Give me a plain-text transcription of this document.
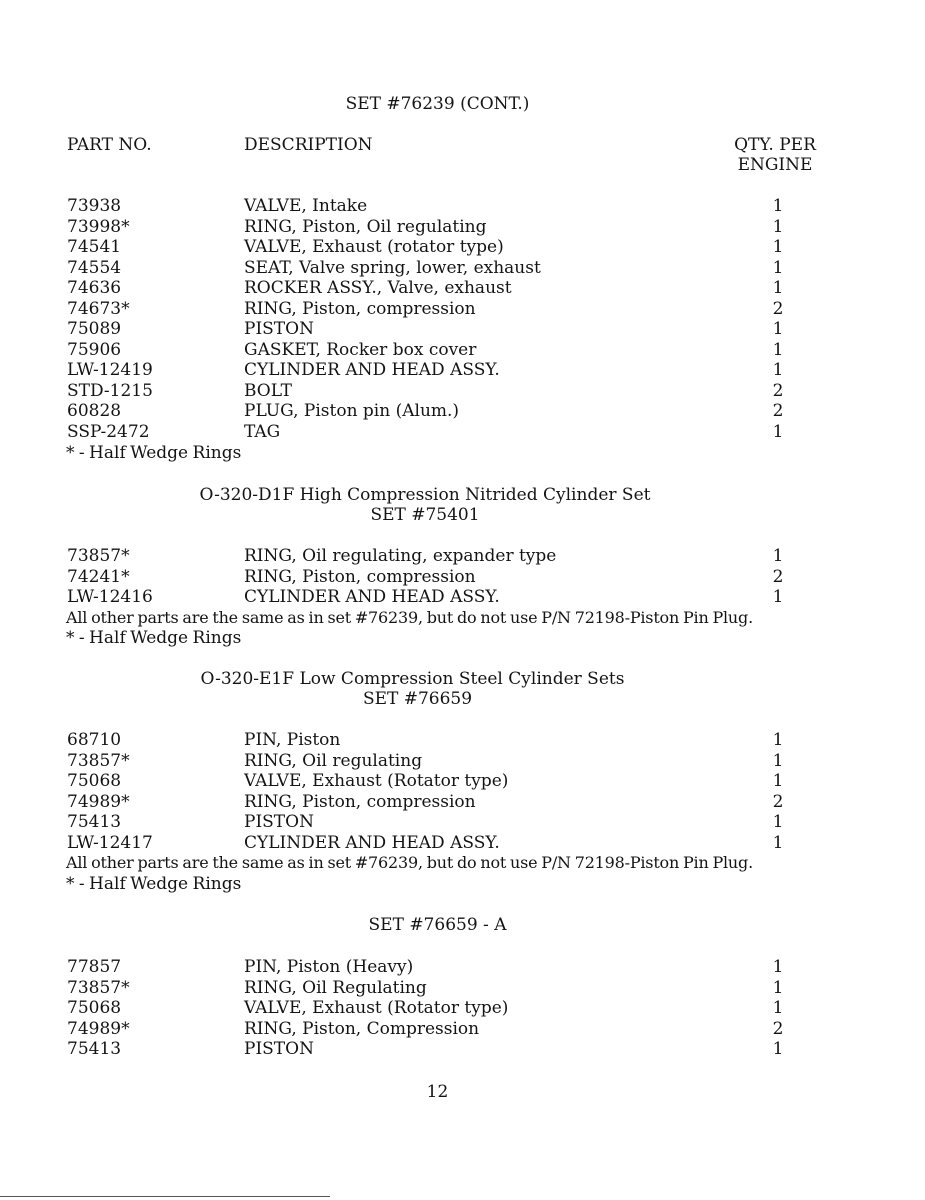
SET #76239 (CONT.)
PART NO.	DESCRIPTION	QTY. PER
ENGINE
73938	VALVE, Intake	1
73998*	RING, Piston, Oil regulating	1
74541	VALVE, Exhaust (rotator type)	1
74554	SEAT, Valve spring, lower, exhaust	1
74636	ROCKER ASSY., Valve, exhaust	1
74673*	RING, Piston, compression	2
75089	PISTON	1
75906	GASKET, Rocker box cover	1
LW-12419	CYLINDER AND HEAD ASSY.	1
STD-1215	BOLT	2
60828	PLUG, Piston pin (Alum.)	2
SSP-2472	TAG	1
* - Half Wedge Rings
O-320-D1F High Compression Nitrided Cylinder Set
SET #75401
73857*	RING, Oil regulating, expander type	1
74241*	RING, Piston, compression	2
LW-12416	CYLINDER AND HEAD ASSY.	1
All other parts are the same as in set #76239, but do not use P/N 72198-Piston Pin Plug.
* - Half Wedge Rings
O-320-E1F Low Compression Steel Cylinder Sets
SET #76659
68710	PIN, Piston	1
73857*	RING, Oil regulating	1
75068	VALVE, Exhaust (Rotator type)	1
74989*	RING, Piston, compression	2
75413	PISTON	1
LW-12417	CYLINDER AND HEAD ASSY.	1
All other parts are the same as in set #76239, but do not use P/N 72198-Piston Pin Plug.
* - Half Wedge Rings
SET #76659 - A
77857	PIN, Piston (Heavy)	1
73857*	RING, Oil Regulating	1
75068	VALVE, Exhaust (Rotator type)	1
74989*	RING, Piston, Compression	2
75413	PISTON	1
12
